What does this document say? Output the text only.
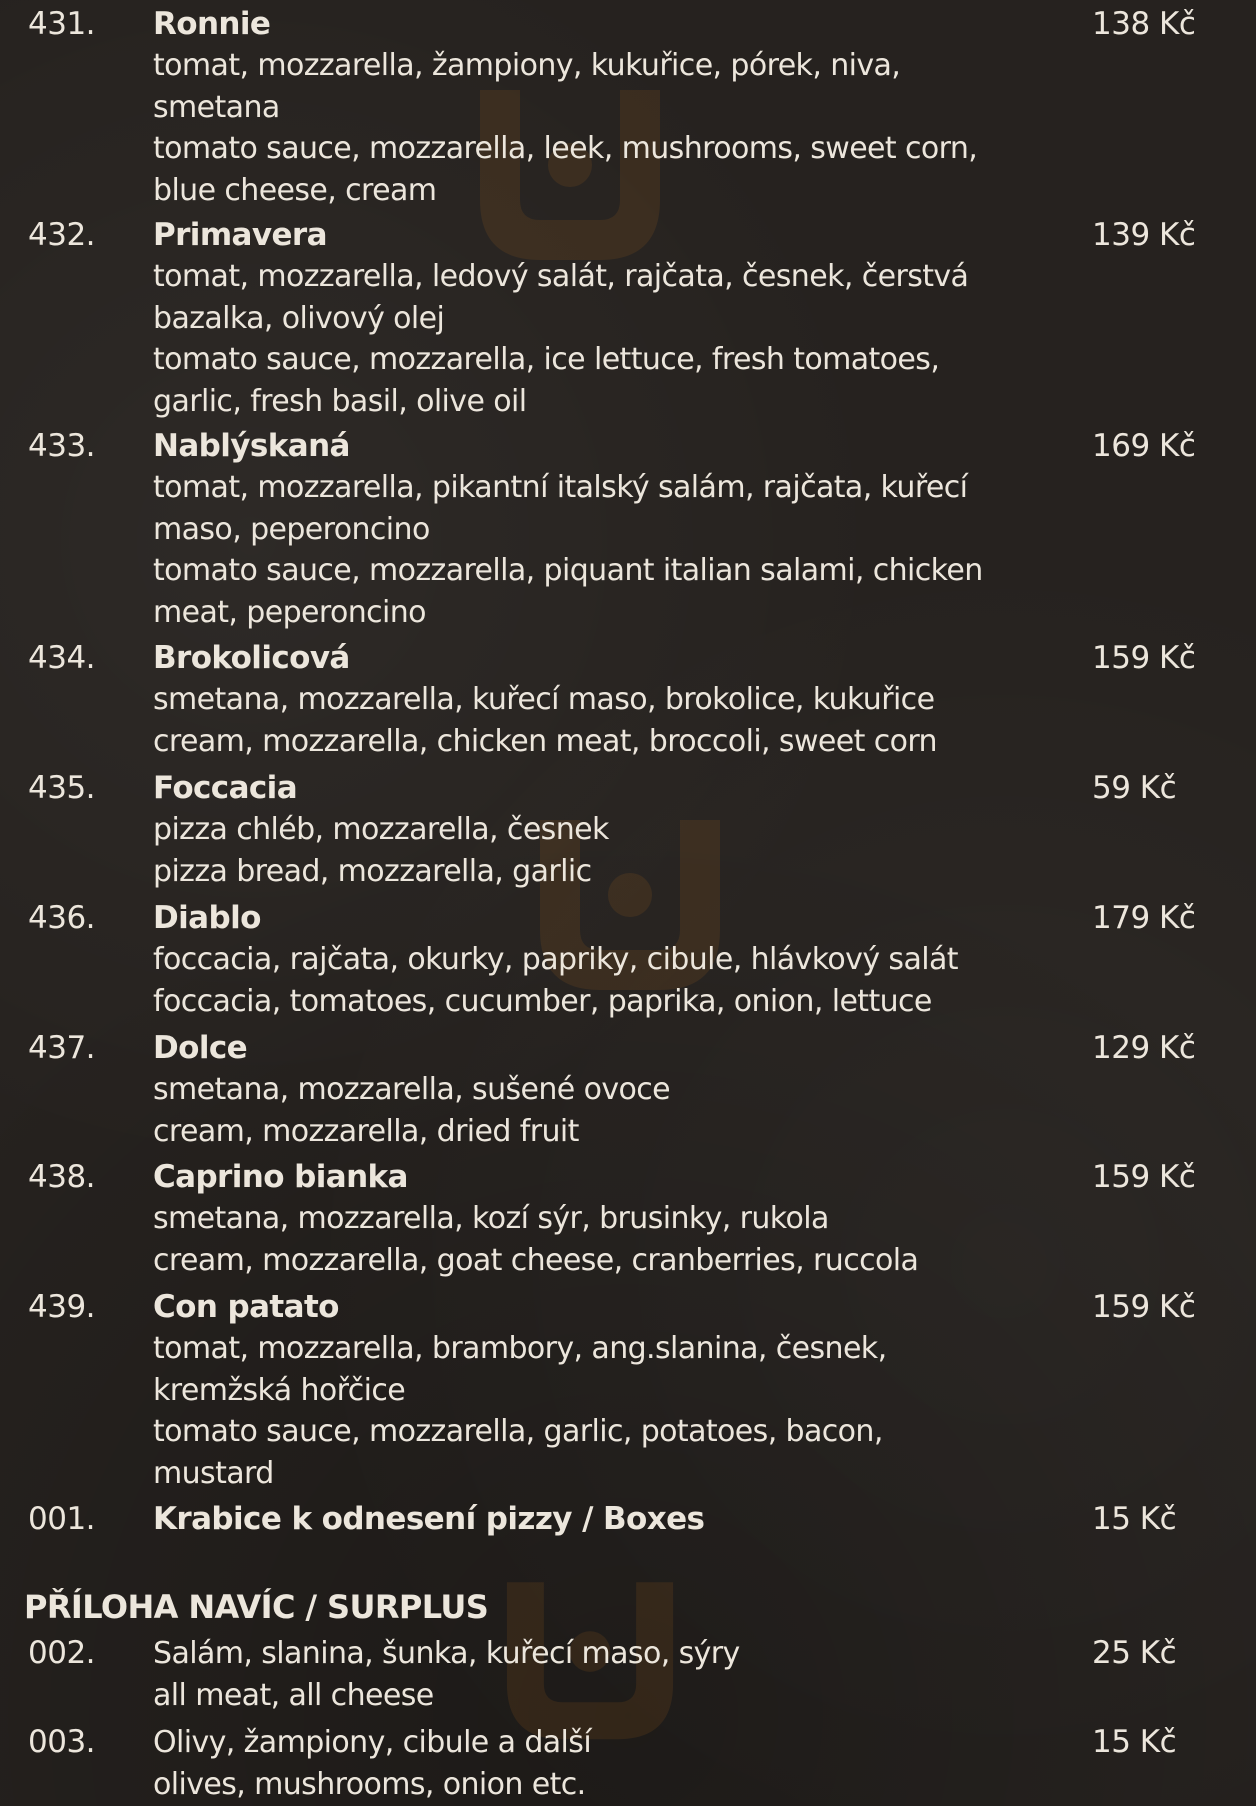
431. Ronnie
tomat, mozzarella, žampiony, kukuřice, pórek, niva,
smetana
tomato sauce, mozzarella, leek, mushrooms, sweet corn,
blue cheese, cream
138 Kč
432. Primavera
tomat, mozzarella, ledový salát, rajčata, česnek, čerstvá
bazalka, olivový olej
tomato sauce, mozzarella, ice lettuce, fresh tomatoes,
garlic, fresh basil, olive oil
139 Kč
433. Nablýskaná
tomat, mozzarella, pikantní italský salám, rajčata, kuřecí
maso, peperoncino
tomato sauce, mozzarella, piquant italian salami, chicken
meat, peperoncino
169 Kč
434. Brokolicová
smetana, mozzarella, kuřecí maso, brokolice, kukuřice
cream, mozzarella, chicken meat, broccoli, sweet corn
159 Kč
435. Foccacia
pizza chléb, mozzarella, česnek
pizza bread, mozzarella, garlic
59 Kč
436. Diablo
foccacia, rajčata, okurky, papriky, cibule, hlávkový salát
foccacia, tomatoes, cucumber, paprika, onion, lettuce
179 Kč
437. Dolce
smetana, mozzarella, sušené ovoce
cream, mozzarella, dried fruit
129 Kč
438. Caprino bianka
smetana, mozzarella, kozí sýr, brusinky, rukola
cream, mozzarella, goat cheese, cranberries, ruccola
159 Kč
439. Con patato
tomat, mozzarella, brambory, ang.slanina, česnek,
kremžská hořčice
tomato sauce, mozzarella, garlic, potatoes, bacon,
mustard
159 Kč
001. Krabice k odnesení pizzy / Boxes	15 Kč
PŘÍLOHA NAVÍC / SURPLUS
002. Salám, slanina, šunka, kuřecí maso, sýry
all meat, all cheese
25 Kč
003. Olivy, žampiony, cibule a další
olives, mushrooms, onion etc.
15 Kč
